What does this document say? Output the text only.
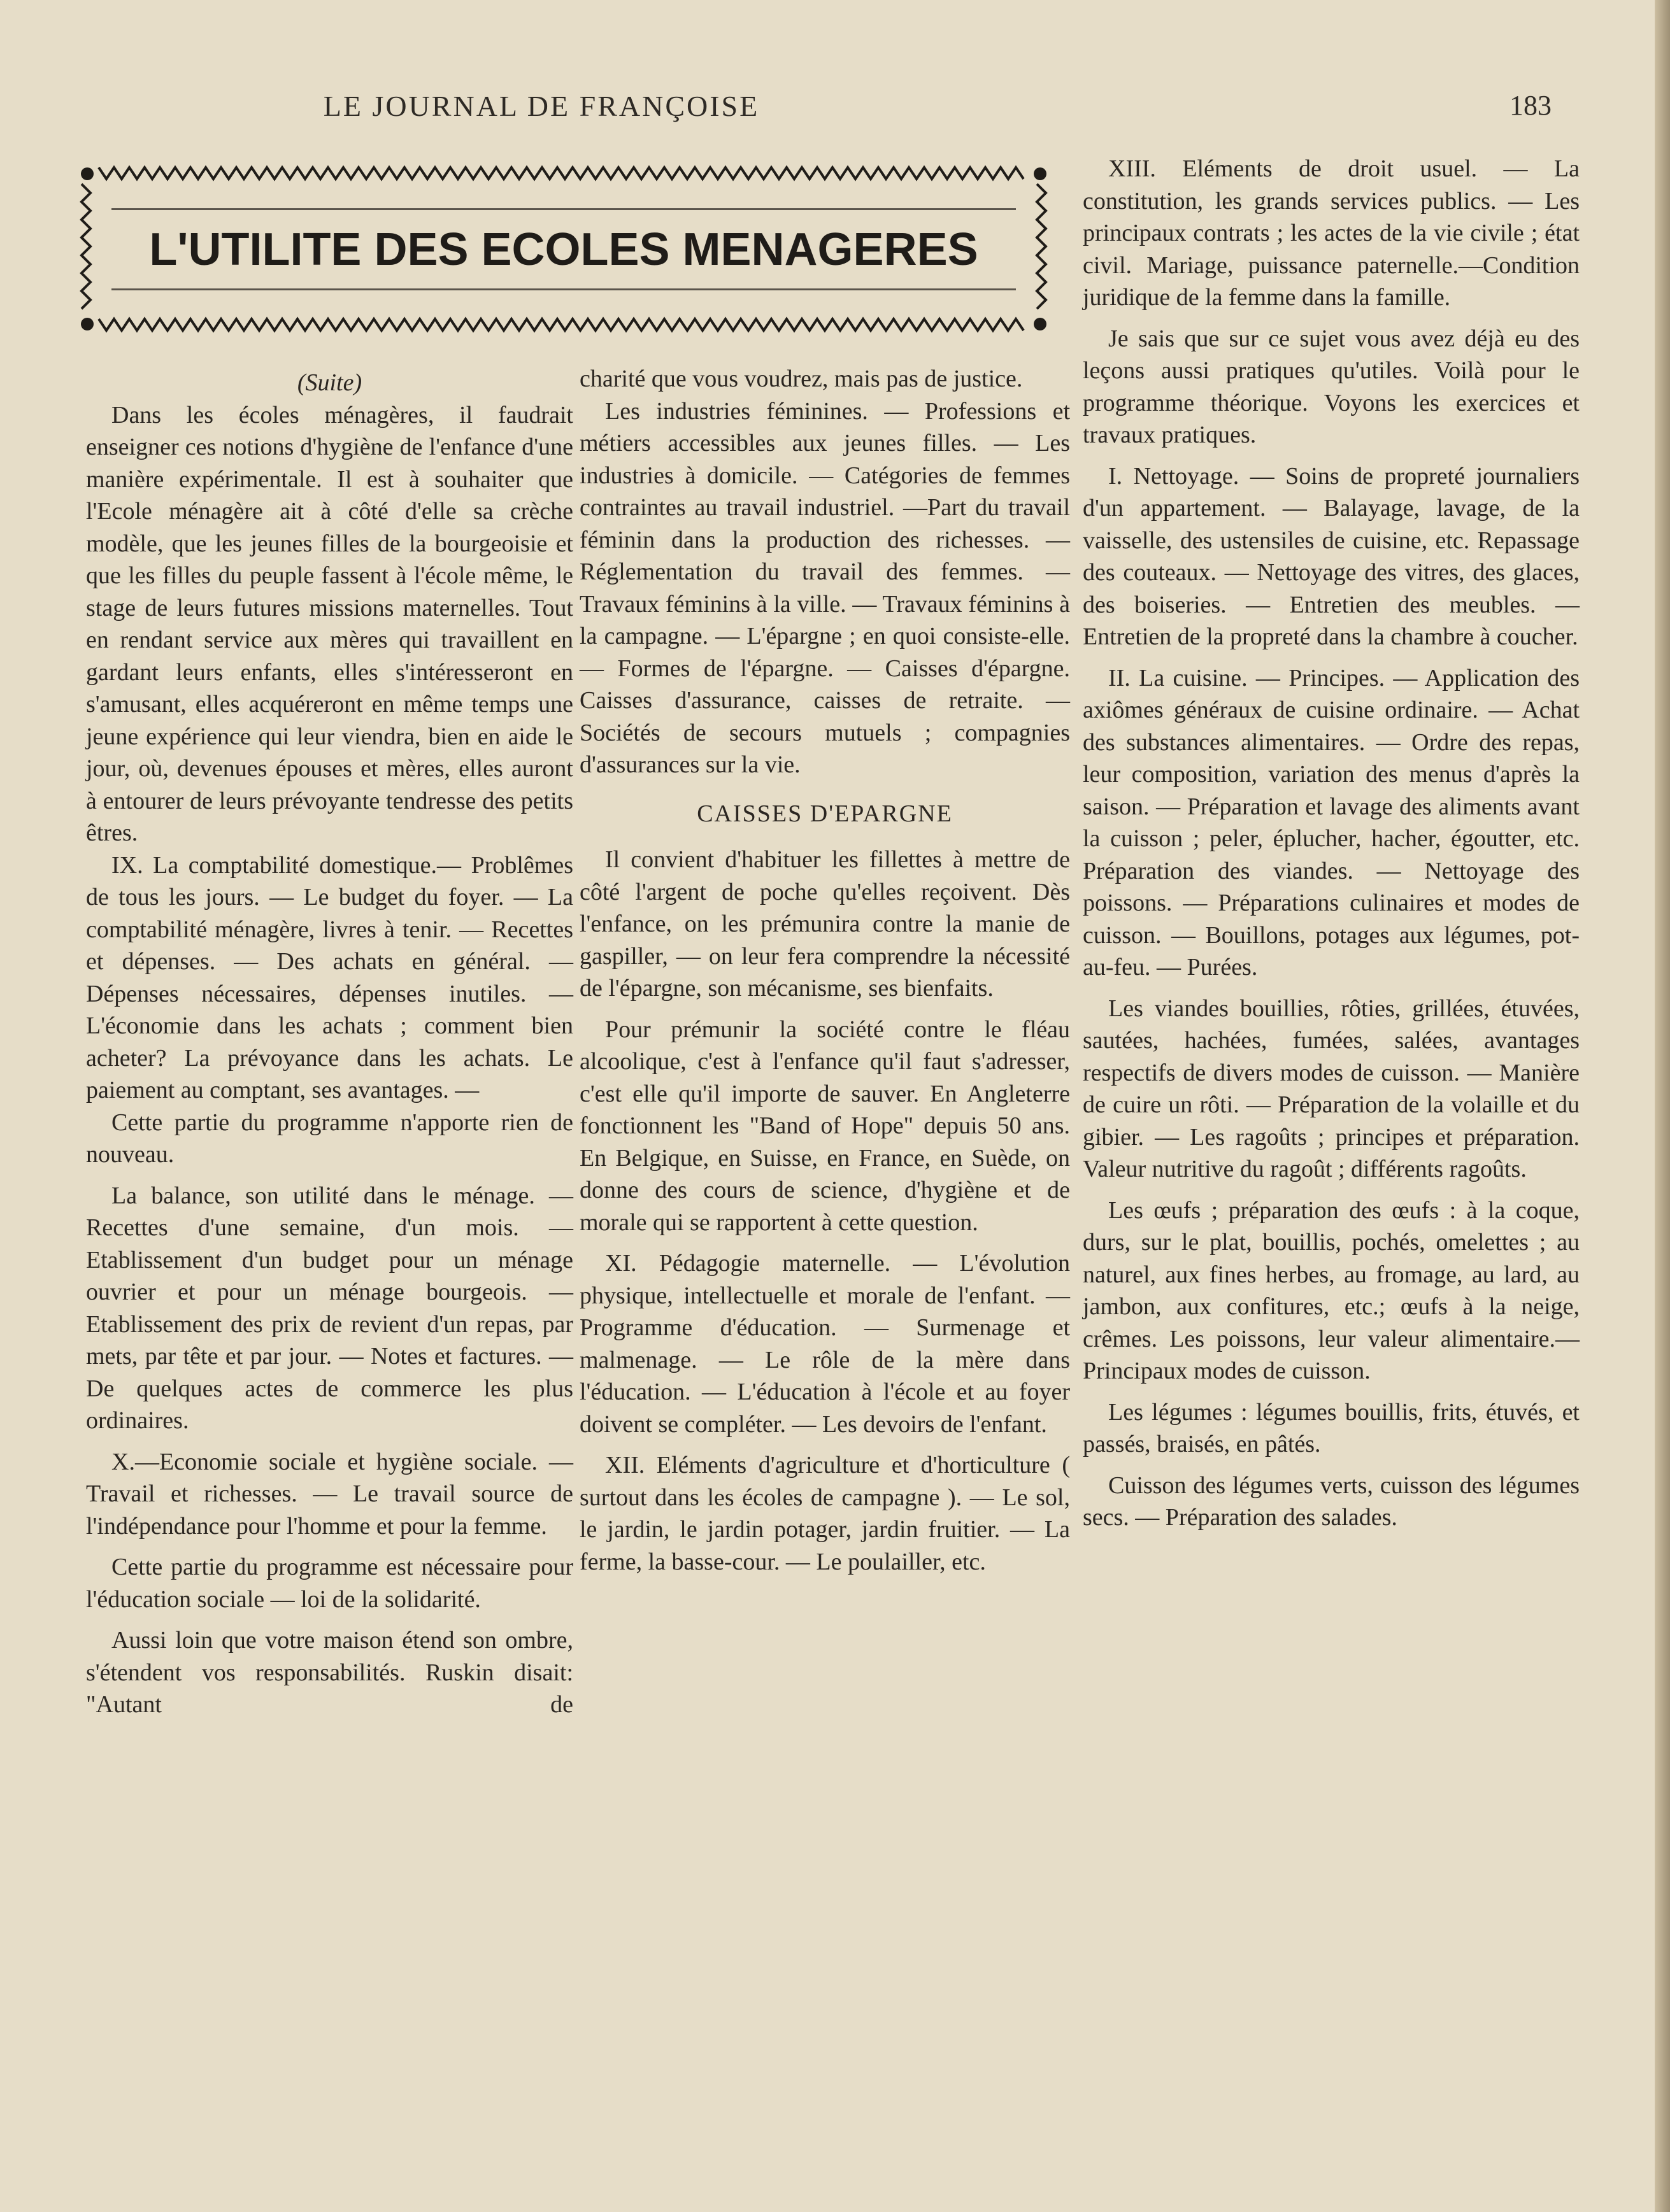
LE JOURNAL DE FRANÇOISE	183
L'UTILITE DES ECOLES MENAGERES

(Suite)

Dans les écoles ménagères, il faudrait enseigner ces notions d'hygiène de l'enfance d'une manière expérimentale. Il est à souhaiter que l'Ecole ménagère ait à côté d'elle sa crèche modèle, que les jeunes filles de la bourgeoisie et que les filles du peuple fassent à l'école même, le stage de leurs futures missions maternelles. Tout en rendant service aux mères qui travaillent en gardant leurs enfants, elles s'intéresseront en s'amusant, elles acquéreront en même temps une jeune expérience qui leur viendra, bien en aide le jour, où, devenues épouses et mères, elles auront à entourer de leurs prévoyante tendresse des petits êtres.

IX. La comptabilité domestique.— Problêmes de tous les jours. — Le budget du foyer. — La comptabilité ménagère, livres à tenir. — Recettes et dépenses. — Des achats en général. — Dépenses nécessaires, dépenses inutiles. — L'économie dans les achats ; comment bien acheter? La prévoyance dans les achats. Le paiement au comptant, ses avantages. —

Cette partie du programme n'apporte rien de nouveau.

La balance, son utilité dans le ménage. — Recettes d'une semaine, d'un mois. — Etablissement d'un budget pour un ménage ouvrier et pour un ménage bourgeois. — Etablissement des prix de revient d'un repas, par mets, par tête et par jour. — Notes et factures. — De quelques actes de commerce les plus ordinaires.

X.—Economie sociale et hygiène sociale. — Travail et richesses. — Le travail source de l'indépendance pour l'homme et pour la femme.

Cette partie du programme est nécessaire pour l'éducation sociale — loi de la solidarité.

Aussi loin que votre maison étend son ombre, s'étendent vos responsabilités. Ruskin disait: "Autant de

charité que vous voudrez, mais pas de justice.

Les industries féminines. — Professions et métiers accessibles aux jeunes filles. — Les industries à domicile. — Catégories de femmes contraintes au travail industriel. —Part du travail féminin dans la production des richesses. — Réglementation du travail des femmes. — Travaux féminins à la ville. — Travaux féminins à la campagne. — L'épargne ; en quoi consiste-elle. — Formes de l'épargne. — Caisses d'épargne. Caisses d'assurance, caisses de retraite. — Sociétés de secours mutuels ; compagnies d'assurances sur la vie.

CAISSES D'EPARGNE

Il convient d'habituer les fillettes à mettre de côté l'argent de poche qu'elles reçoivent. Dès l'enfance, on les prémunira contre la manie de gaspiller, — on leur fera comprendre la nécessité de l'épargne, son mécanisme, ses bienfaits.

Pour prémunir la société contre le fléau alcoolique, c'est à l'enfance qu'il faut s'adresser, c'est elle qu'il importe de sauver. En Angleterre fonctionnent les "Band of Hope" depuis 50 ans. En Belgique, en Suisse, en France, en Suède, on donne des cours de science, d'hygiène et de morale qui se rapportent à cette question.

XI. Pédagogie maternelle. — L'évolution physique, intellectuelle et morale de l'enfant. — Programme d'éducation. — Surmenage et malmenage. — Le rôle de la mère dans l'éducation. — L'éducation à l'école et au foyer doivent se compléter. — Les devoirs de l'enfant.

XII. Eléments d'agriculture et d'horticulture ( surtout dans les écoles de campagne ). — Le sol, le jardin, le jardin potager, jardin fruitier. — La ferme, la basse-cour. — Le poulailler, etc.

XIII. Eléments de droit usuel. — La constitution, les grands services publics. — Les principaux contrats ; les actes de la vie civile ; état civil. Mariage, puissance paternelle.—Condition juridique de la femme dans la famille.

Je sais que sur ce sujet vous avez déjà eu des leçons aussi pratiques qu'utiles. Voilà pour le programme théorique. Voyons les exercices et travaux pratiques.

I. Nettoyage. — Soins de propreté journaliers d'un appartement. — Balayage, lavage, de la vaisselle, des ustensiles de cuisine, etc. Repassage des couteaux. — Nettoyage des vitres, des glaces, des boiseries. — Entretien des meubles. — Entretien de la propreté dans la chambre à coucher.

II. La cuisine. — Principes. — Application des axiômes généraux de cuisine ordinaire. — Achat des substances alimentaires. — Ordre des repas, leur composition, variation des menus d'après la saison. — Préparation et lavage des aliments avant la cuisson ; peler, éplucher, hacher, égoutter, etc. Préparation des viandes. — Nettoyage des poissons. — Préparations culinaires et modes de cuisson. — Bouillons, potages aux légumes, pot-au-feu. — Purées.

Les viandes bouillies, rôties, grillées, étuvées, sautées, hachées, fumées, salées, avantages respectifs de divers modes de cuisson. — Manière de cuire un rôti. — Préparation de la volaille et du gibier. — Les ragoûts ; principes et préparation. Valeur nutritive du ragoût ; différents ragoûts.

Les œufs ; préparation des œufs : à la coque, durs, sur le plat, bouillis, pochés, omelettes ; au naturel, aux fines herbes, au fromage, au lard, au jambon, aux confitures, etc.; œufs à la neige, crêmes. Les poissons, leur valeur alimentaire.—Principaux modes de cuisson.

Les légumes : légumes bouillis, frits, étuvés, et passés, braisés, en pâtés.

Cuisson des légumes verts, cuisson des légumes secs. — Préparation des salades.
